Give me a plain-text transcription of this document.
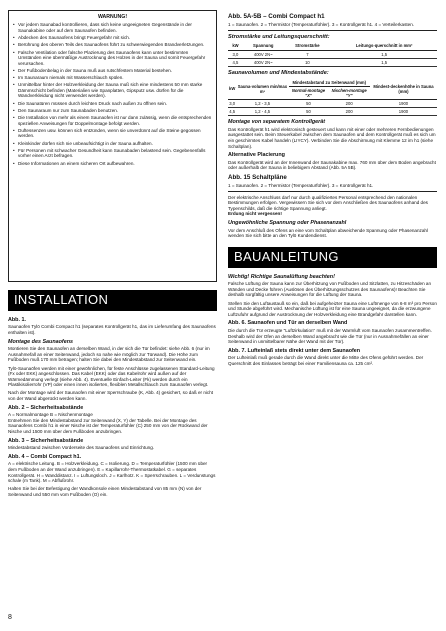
WARNUNG!
• Vor jedem Saunabad kontrollieren, dass sich keine ungeeigneten Gegenstände in der Saunakabine oder auf dem Saunaofen befinden.
• Abdecken des Saunaofens bringt Feuergefahr mit sich.
• Berührung des oberen Teils des Saunaofens führt zu schwerwiegenden Brandverletzungen.
• Falsche Ventilation oder falsche Plazierung des Saunaofens kann unter bestimmten Umständen eine übermäßige Austrocknung des Holzes in der Sauna und somit Feuergefahr verursachen.
• Der Fußbodenbelag in der Sauna muß aus rutschfestem Material bestehen.
• Im Saunaraum niemals mit Wasserschlauch spülen.
• Unmittelbar hinter der Holzverkleidung der Sauna muß sich eine mindestens 50 mm starke Dämmschicht befinden (Materialien wie Spanplatten, Gipsputz usw. dürfen für die Wandverkleidung nicht verwendet werden).
• Die Saunatüren müssen durch leichten Druck nach außen zu öffnen sein.
• Den Saunaraum nur zum Saunabaden benutzen.
• Die Installation von mehr als einem Saunaofen ist nur dann zulässig, wenn die entsprechenden speziellen Anweisungen für Doppelmontage befolgt werden.
• Duftessenzen usw. können sich entzünden, wenn sie unverdünnt auf die Steine gegossen werden.
• Kleinkinder dürfen sich nie unbeaufsichtigt in der Sauna aufhalten.
• Für Personen mit schwacher Gesundheit kann Saunabaden belastend sein. Gegebenenfalls vorher einen Arzt befragen.
• Diese Informationen an einem sicheren Ort aufbewahren.
INSTALLATION
Abb. 1.
Saunaofen Tylö Combi Compact h1 (separates Kontrollgerät h1, das im Lieferumfang des Saunaofens enthalten ist).
Montage des Saunaofens
Montieren Sie den Saunaofen an derselben Wand, in der sich die Tür befindet: siehe Abb. 6 (nur im Ausnahmefall an einer Seitenwand, jedoch so nahe wie möglich zur Türwand). Die Höhe zum Fußboden muß 170 mm betragen; halten Sie dabei den Mindestabstand zur Seitenwand ein.
Tylö-Saunaöfen werden mit einer gewöhnlichen, für feste Anschlüsse zugelassenen Standard-Leitung (Fx oder EKK) angeschlossen. Das Kabel (EKK) oder das Kabelrohr wird außen auf der Wärmedämmung verlegt (siehe Abb. 4). Eventuelle Einfach-Leiter (Fk) werden durch ein Plastikisolierrohr (VP) oder einen innen isolierten, flexiblen Metallschlauch zum Saunaofen verlegt.
Nach der Montage wird der Saunaofen mit einer Sperrschraube (K, Abb. 4) gesichert, so daß er nicht von der Wand abgerückt werden kann.
Abb. 2 – Sicherheitsabstände
A = Normalmontage B = Nischenmontage
Entnehmen Sie den Mindestabstand zur Seitenwand (X, Y) der Tabelle. Bei der Montage des Saunaofens Combi h1 in einer Nische ist der Temperaturfühler (C) 250 mm von der Rückwand der Nische und 1500 mm über dem Fußboden anzubringen.
Abb. 3 – Sicherheitsabstände
Mindestabstand zwischen Vorderseite des Saunaofens und Einrichtung.
Abb. 4 – Combi Compact h1.
A = elektrische Leitung. B = Holzverkleidung. C = Isolierung. D = Temperaturfühler (1500 mm über dem Fußboden an der Wand anzubringen). E = Kapillarrohr-Thermostatkabel. G = separates Kontrollgerät. H = Wanddistanz. I = Luftungsloch. J = Karlhotz. K = Sperrschrauben. L = Verdunstungs schale (m Tank). M = Abflußrohr.
Halten Sie bei der Befestigung der Wandkonsole einen Mindestabstand von 85 mm (N) von der Seitenwand und 550 mm vom Fußboden (O) ein.
Abb. 5A-5B – Combi Compact h1
1 = Saunaofen. 2 = Thermistor (Temperaturfühler). 3 = Kontrollgerät h1. 4 = Verteilerkasten.
Stromstärke und Leitungsquerschnitt:
kW	Spannung	Stromstärke	Leitungs-querschnitt in mm²
3,0	400V 2N~	7	1,5
4,5	400V 2N~	10	1,5
Saunavolumen und Mindestabstände:
kW	Sauna-volumen min/max m³	Mindestabstand zu Seitenwand (mm)		Mindest-deckenhöhe in Sauna (mm)
		Normal-montage "X"	Nischen-montage "Y"	
3,0	1,2 - 3,5	50	200	1900
4,5	1,2 - 4,5	50	200	1900
Montage von separatem Kontrollgerät
Das Kontrollgerät h1 wird elektronisch gesteuert und kann mit einer oder mehreren Fernbedienungen ausgestattet sein. Beim Steuerkabel zwischen dem Saunaofen und dem Kontrollgerät muß es sich um ein geschirmtes Kabel handeln (LIYCY). Verbinden Sie die Abschirmung mit Klemme 12 im h1 (siehe Schaltplan).
Alternative Placierung
Das Kontrollgerät wird an der Innenwand der Saunakabine max. 760 mm über dem Boden angebracht oder außerhalb der Sauna in beliebigem Abstand (Abb. 5A 5B).
Abb. 15 Schaltpläne
1 = Saunaofen. 2 = Thermistor (Temperaturfühler). 3 = Kontrollgerät h1.
Der elektrische Anschluss darf nur durch qualifiziertes Personal entsprechend den nationalen Bestimmungen erfolgen. Vergewissern Sie sich vor dem Anschließen des Saunaofens anhand des Typenschilds, daß die richtige Spannung anliegt.
Erdung nicht vergessen!
Ungewöhnliche Spannung oder Phasenanzahl
Vor dem Anschluß des Ofens an eine vom Schaltplan abweichende Spannung oder Phasenanzahl wenden Sie sich bitte an den Tylö Kundendienst.
BAUANLEITUNG
Wichtig! Richtige Saunalüftung beachten!
Falsche Lüftung der Sauna kann zur Überhitzung von Fußboden und Sitzlatten, zu Hitzeschäden an Wänden und Decke führen (Auslösen des Überhitzungsschutzes des Saunaofens)! Beachten Sie deshalb sorgfältig unsere Anweisungen für die Lüftung der Sauna.
Stellen Sie den Luftaustauß so ein, daß bei aufgeheizter Sauna eine Luftmenge von 6-8 m³ pro Person und Stunde abgeführt wird. Mechanische Lüftung ist für eine Sauna ungeeignet, da die erzwungene Luftzufuhr aufgrund der Austrocknung der Holzverkleidung eine Brandgefahr darstellen kann.
Abb. 6. Saunaofen und Tür an derselben Wand
Die durch die Tür erzeugte "Luftzirkulation" muß mit der Warmluft vom Saunaofen zusammentreffen. Deshalb wird der Ofen an derselben Wand angebracht wie die Tür (nur in Ausnahmefällen an einer Seitenwand in unmittelbarer Nähe der Wand mit der Tür).
Abb. 7. Lufteinlaß stets direkt unter dem Saunaofen
Der Lufteinlaß muß gerade durch die Wand direkt unter die Mitte des Ofens geführt werden. Der Querschnitt des Einlasses beträgt bei einer Familiensauna ca. 125 cm².
8
